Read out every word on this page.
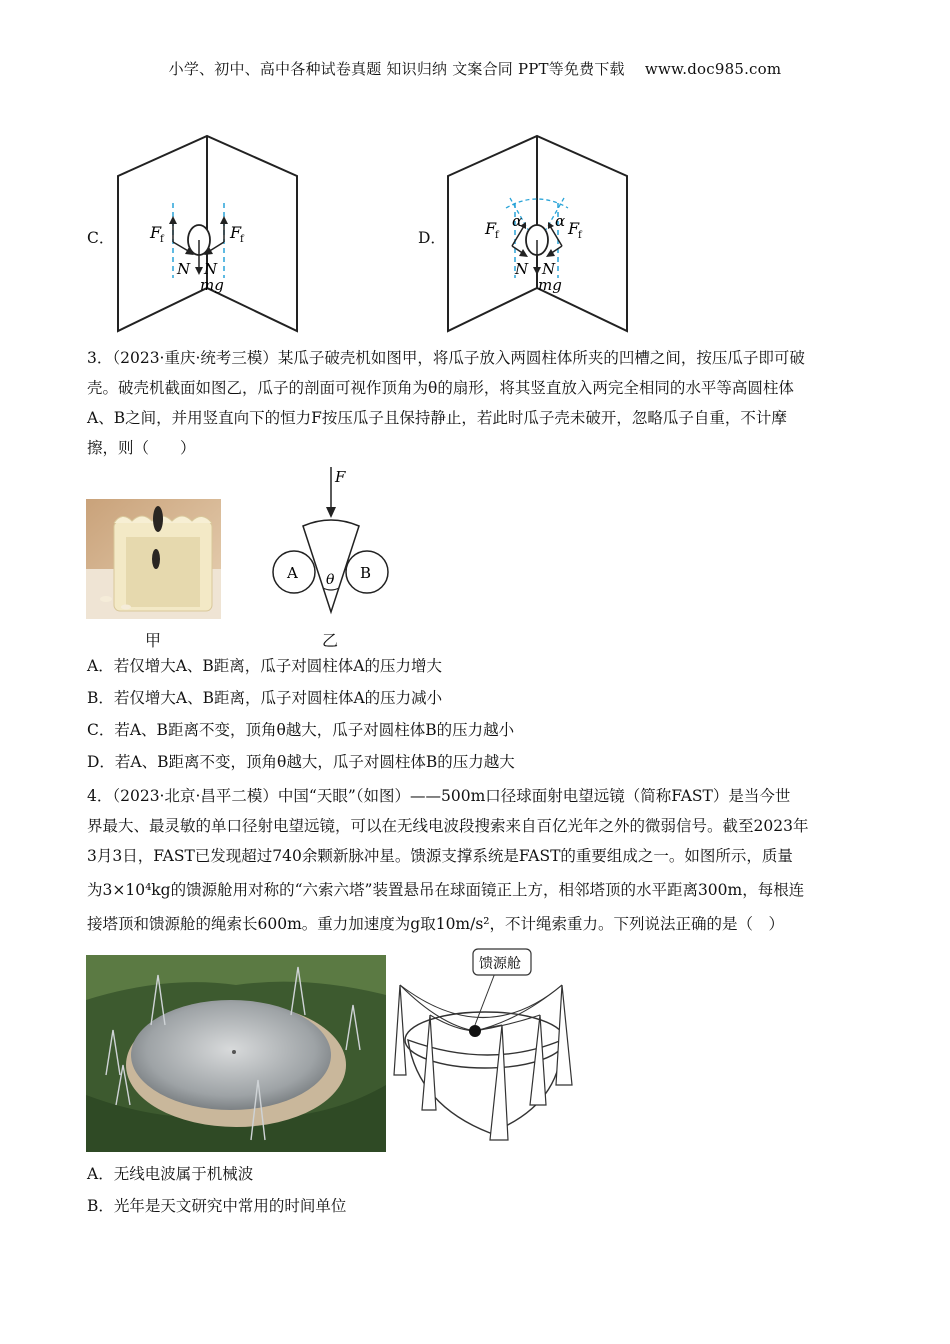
小学、初中、高中各种试卷真题 知识归纳 文案合同 PPT等免费下载　 www.doc985.com
C． F
f	F
f
N N
mg
D．
α α
F
f	F
f
N N
mg
3．（2023·重庆·统考三模）某瓜子破壳机如图甲，将瓜子放入两圆柱体所夹的凹槽之间，按压瓜子即可破
壳。破壳机截面如图乙，瓜子的剖面可视作顶角为θ的扇形，将其竖直放入两完全相同的水平等高圆柱体
A、B之间，并用竖直向下的恒力F按压瓜子且保持静止，若此时瓜子壳未破开，忽略瓜子自重，不计摩
擦，则（　　）
甲
F
A	B
θ
乙
A．若仅增大A、B距离，瓜子对圆柱体A的压力增大
B．若仅增大A、B距离，瓜子对圆柱体A的压力减小
C．若A、B距离不变，顶角θ越大，瓜子对圆柱体B的压力越小
D．若A、B距离不变，顶角θ越大，瓜子对圆柱体B的压力越大
4．（2023·北京·昌平二模）中国“天眼”（如图）——500m口径球面射电望远镜（简称FAST）是当今世
界最大、最灵敏的单口径射电望远镜，可以在无线电波段搜索来自百亿光年之外的微弱信号。截至2023年
3月3日，FAST已发现超过740余颗新脉冲星。馈源支撑系统是FAST的重要组成之一。如图所示，质量
为3×10⁴kg的馈源舱用对称的“六索六塔”装置悬吊在球面镜正上方，相邻塔顶的水平距离300m，每根连
接塔顶和馈源舱的绳索长600m。重力加速度为g取10m/s²，不计绳索重力。下列说法正确的是（　）
馈源舱
A．无线电波属于机械波
B．光年是天文研究中常用的时间单位
